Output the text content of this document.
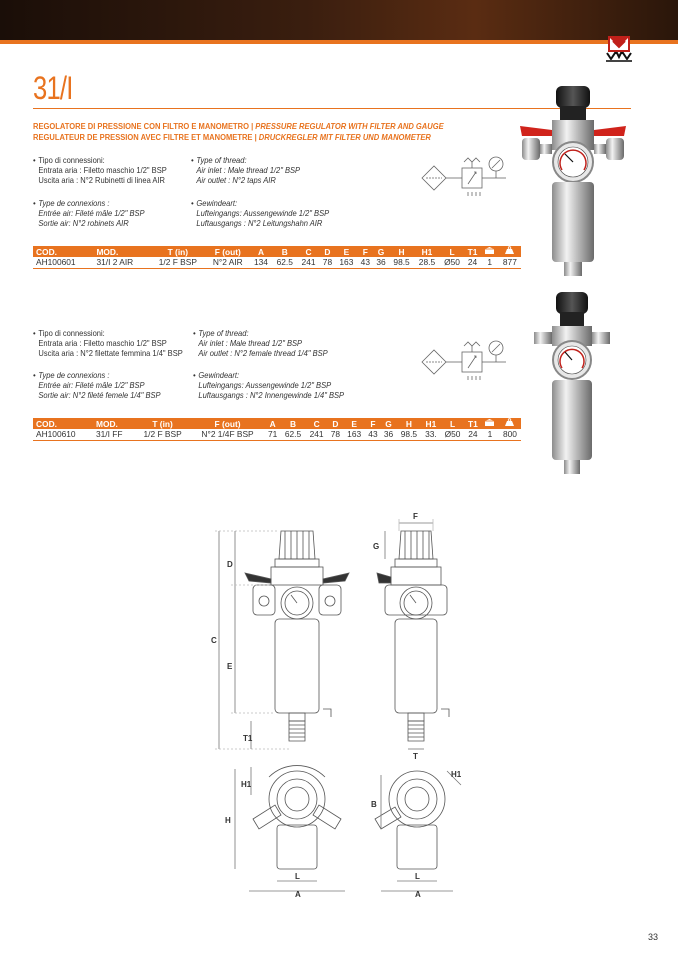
31/I
REGOLATORE DI PRESSIONE CON FILTRO E MANOMETRO | PRESSURE REGULATOR WITH FILTER AND GAUGE
REGULATEUR DE PRESSION AVEC FILTRE ET MANOMETRE | DRUCKREGLER MIT FILTER UND MANOMETER
• Tipo di connessioni:
Entrata aria : Filetto maschio 1/2" BSP
Uscita aria : N°2 Rubinetti di linea AIR
• Type of thread:
Air inlet : Male thread 1/2" BSP
Air outlet : N°2 taps AIR
• Type de connexions :
Entrée air: Fileté mâle 1/2" BSP
Sortie air: N°2 robinets AIR
• Gewindeart:
Lufteingangs: Aussengewinde 1/2" BSP
Luftausgangs : N°2 Leitungshahn AIR
COD.	MOD.	T (in)	F (out)	A	B	C	D	E	F	G	H	H1	L	T1		
AH100601	31/I 2 AIR	1/2 F BSP	N°2 AIR	134	62.5	241	78	163	43	36	98.5	28.5	Ø50	24	1	877
• Tipo di connessioni:
Entrata aria : Filetto maschio 1/2" BSP
Uscita aria : N°2 filettate femmina 1/4" BSP
• Type of thread:
Air inlet : Male thread 1/2" BSP
Air outlet : N°2 female thread 1/4" BSP
• Type de connexions :
Entrée air: Fileté mâle 1/2" BSP
Sortie air: N°2 fileté femele 1/4" BSP
• Gewindeart:
Lufteingangs: Aussengewinde 1/2" BSP
Luftausgangs : N°2 Innengewinde 1/4" BSP
COD.	MOD.	T (in)	F (out)	A	B	C	D	E	F	G	H	H1	L	T1		
AH100610	31/I FF	1/2 F BSP	N°2 1/4F BSP	71	62.5	241	78	163	43	36	98.5	33.	Ø50	24	1	800
D
C
E
T1
F
G
T
H1
H
L
A
H1
B
L
A
33
